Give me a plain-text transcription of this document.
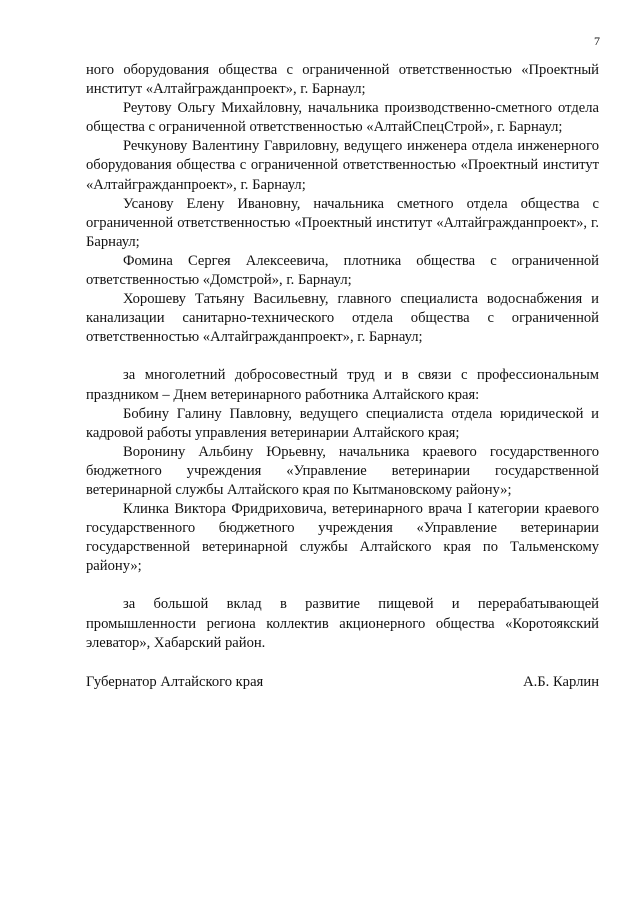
7

ного оборудования общества с ограниченной ответственностью «Проектный институт «Алтайгражданпроект», г. Барнаул;

Реутову Ольгу Михайловну, начальника производственно-сметного отдела общества с ограниченной ответственностью «АлтайСпецСтрой», г. Барнаул;

Речкунову Валентину Гавриловну, ведущего инженера отдела инженерного оборудования общества с ограниченной ответственностью «Проектный институт «Алтайгражданпроект», г. Барнаул;

Усанову Елену Ивановну, начальника сметного отдела общества с ограниченной ответственностью «Проектный институт «Алтайгражданпроект», г. Барнаул;

Фомина Сергея Алексеевича, плотника общества с ограниченной ответственностью «Домстрой», г. Барнаул;

Хорошеву Татьяну Васильевну, главного специалиста водоснабжения и канализации санитарно-технического отдела общества с ограниченной ответственностью «Алтайгражданпроект», г. Барнаул;

за многолетний добросовестный труд и в связи с профессиональным праздником – Днем ветеринарного работника Алтайского края:

Бобину Галину Павловну, ведущего специалиста отдела юридической и кадровой работы управления ветеринарии Алтайского края;

Воронину Альбину Юрьевну, начальника краевого государственного бюджетного учреждения «Управление ветеринарии государственной ветеринарной службы Алтайского края по Кытмановскому району»;

Клинка Виктора Фридриховича, ветеринарного врача I категории краевого государственного бюджетного учреждения «Управление ветеринарии государственной ветеринарной службы Алтайского края по Тальменскому району»;

за большой вклад в развитие пищевой и перерабатывающей промышленности региона коллектив акционерного общества «Коротоякский элеватор», Хабарский район.

Губернатор Алтайского края	А.Б. Карлин
